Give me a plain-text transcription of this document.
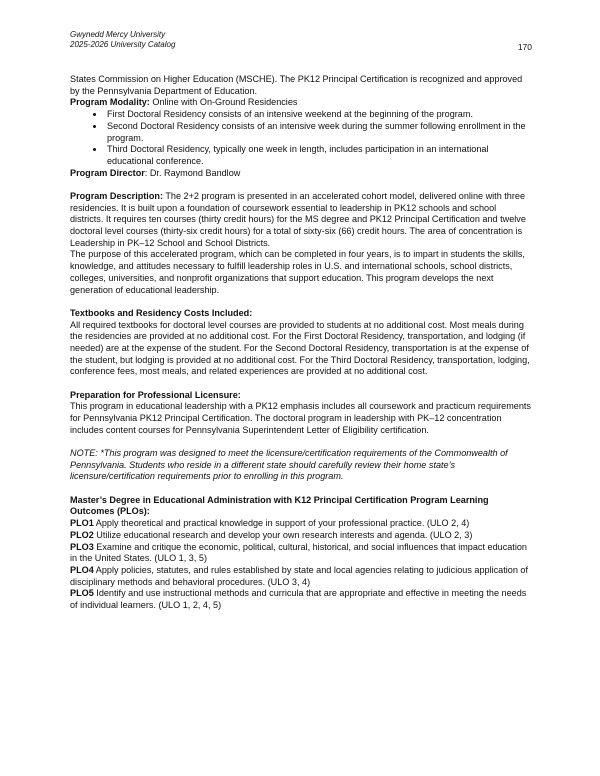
Gwynedd Mercy University
2025-2026 University Catalog	170

States Commission on Higher Education (MSCHE). The PK12 Principal Certification is recognized and approved by the Pennsylvania Department of Education.

Program Modality: Online with On-Ground Residencies

• First Doctoral Residency consists of an intensive weekend at the beginning of the program.
• Second Doctoral Residency consists of an intensive week during the summer following enrollment in the program.
• Third Doctoral Residency, typically one week in length, includes participation in an international educational conference.

Program Director: Dr. Raymond Bandlow

Program Description: The 2+2 program is presented in an accelerated cohort model, delivered online with three residencies. It is built upon a foundation of coursework essential to leadership in PK12 schools and school districts. It requires ten courses (thirty credit hours) for the MS degree and PK12 Principal Certification and twelve doctoral level courses (thirty-six credit hours) for a total of sixty-six (66) credit hours. The area of concentration is Leadership in PK–12 School and School Districts.

The purpose of this accelerated program, which can be completed in four years, is to impart in students the skills, knowledge, and attitudes necessary to fulfill leadership roles in U.S. and international schools, school districts, colleges, universities, and nonprofit organizations that support education. This program develops the next generation of educational leadership.

Textbooks and Residency Costs Included:

All required textbooks for doctoral level courses are provided to students at no additional cost. Most meals during the residencies are provided at no additional cost. For the First Doctoral Residency, transportation, and lodging (if needed) are at the expense of the student. For the Second Doctoral Residency, transportation is at the expense of the student, but lodging is provided at no additional cost. For the Third Doctoral Residency, transportation, lodging, conference fees, most meals, and related experiences are provided at no additional cost.

Preparation for Professional Licensure:

This program in educational leadership with a PK12 emphasis includes all coursework and practicum requirements for Pennsylvania PK12 Principal Certification. The doctoral program in leadership with PK–12 concentration includes content courses for Pennsylvania Superintendent Letter of Eligibility certification.

NOTE: *This program was designed to meet the licensure/certification requirements of the Commonwealth of Pennsylvania. Students who reside in a different state should carefully review their home state’s licensure/certification requirements prior to enrolling in this program.

Master’s Degree in Educational Administration with K12 Principal Certification Program Learning Outcomes (PLOs):

PLO1 Apply theoretical and practical knowledge in support of your professional practice. (ULO 2, 4)

PLO2 Utilize educational research and develop your own research interests and agenda. (ULO 2, 3)

PLO3 Examine and critique the economic, political, cultural, historical, and social influences that impact education in the United States. (ULO 1, 3, 5)

PLO4 Apply policies, statutes, and rules established by state and local agencies relating to judicious application of disciplinary methods and behavioral procedures. (ULO 3, 4)

PLO5 Identify and use instructional methods and curricula that are appropriate and effective in meeting the needs of individual learners. (ULO 1, 2, 4, 5)
